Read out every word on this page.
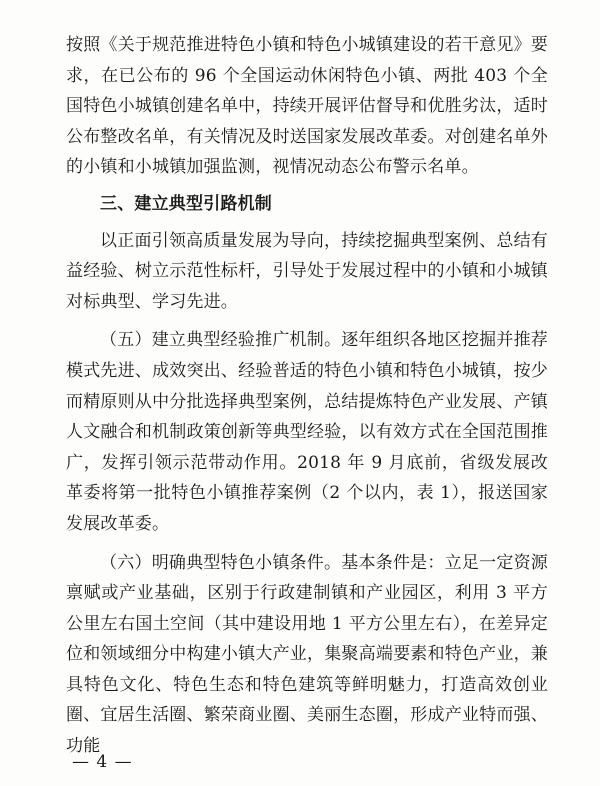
按照《关于规范推进特色小镇和特色小城镇建设的若干意见》要求，在已公布的 96 个全国运动休闲特色小镇、两批 403 个全国特色小城镇创建名单中，持续开展评估督导和优胜劣汰，适时公布整改名单，有关情况及时送国家发展改革委。对创建名单外的小镇和小城镇加强监测，视情况动态公布警示名单。

三、建立典型引路机制

以正面引领高质量发展为导向，持续挖掘典型案例、总结有益经验、树立示范性标杆，引导处于发展过程中的小镇和小城镇对标典型、学习先进。

（五）建立典型经验推广机制。逐年组织各地区挖掘并推荐模式先进、成效突出、经验普适的特色小镇和特色小城镇，按少而精原则从中分批选择典型案例，总结提炼特色产业发展、产镇人文融合和机制政策创新等典型经验，以有效方式在全国范围推广，发挥引领示范带动作用。2018 年 9 月底前，省级发展改革委将第一批特色小镇推荐案例（2 个以内，表 1），报送国家发展改革委。

（六）明确典型特色小镇条件。基本条件是：立足一定资源禀赋或产业基础，区别于行政建制镇和产业园区，利用 3 平方公里左右国土空间（其中建设用地 1 平方公里左右），在差异定位和领域细分中构建小镇大产业，集聚高端要素和特色产业，兼具特色文化、特色生态和特色建筑等鲜明魅力，打造高效创业圈、宜居生活圈、繁荣商业圈、美丽生态圈，形成产业特而强、功能

— 4 —
